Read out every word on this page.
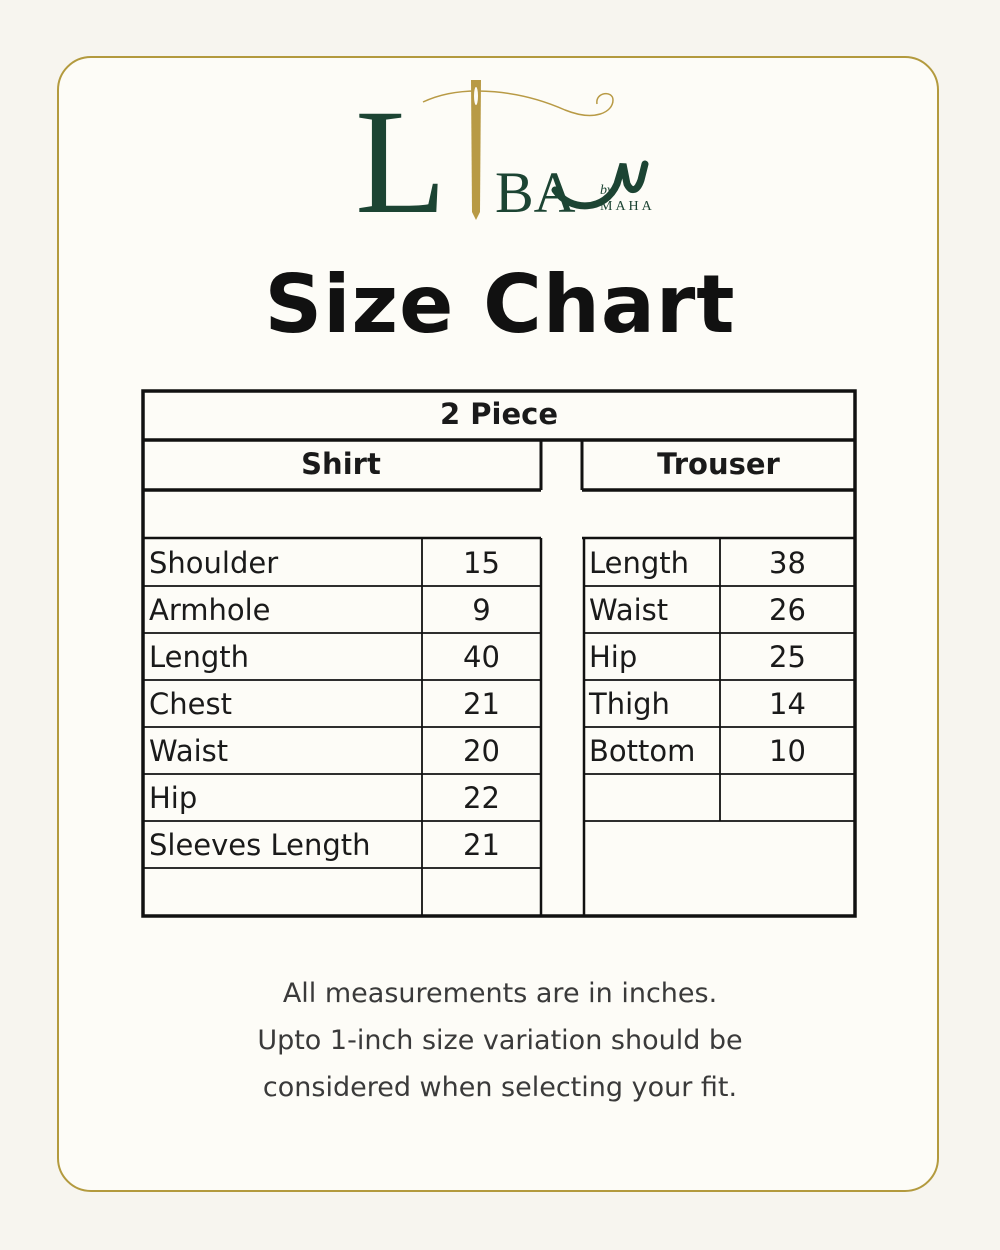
L BA by
MAHA
Size Chart
2 Piece
Shirt	Trouser
Shoulder	15
Armhole	9
Length	40
Chest	21
Waist	20
Hip	22
Sleeves Length	21
Length	38
Waist	26
Hip	25
Thigh	14
Bottom	10
All measurements are in inches.
Upto 1-inch size variation should be
considered when selecting your fit.
